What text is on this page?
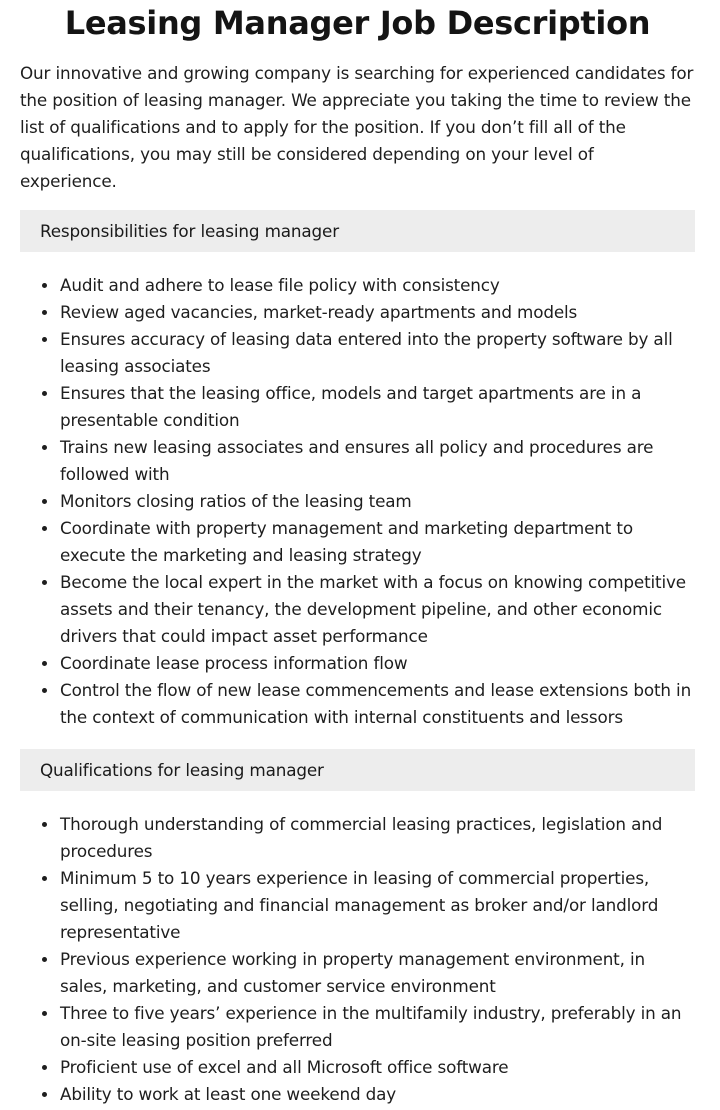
Leasing Manager Job Description

Our innovative and growing company is searching for experienced candidates for the position of leasing manager. We appreciate you taking the time to review the list of qualifications and to apply for the position. If you don’t fill all of the qualifications, you may still be considered depending on your level of experience.

Responsibilities for leasing manager
Audit and adhere to lease file policy with consistency
Review aged vacancies, market-ready apartments and models
Ensures accuracy of leasing data entered into the property software by all leasing associates
Ensures that the leasing office, models and target apartments are in a presentable condition
Trains new leasing associates and ensures all policy and procedures are followed with
Monitors closing ratios of the leasing team
Coordinate with property management and marketing department to execute the marketing and leasing strategy
Become the local expert in the market with a focus on knowing competitive assets and their tenancy, the development pipeline, and other economic drivers that could impact asset performance
Coordinate lease process information flow
Control the flow of new lease commencements and lease extensions both in the context of communication with internal constituents and lessors
Qualifications for leasing manager
Thorough understanding of commercial leasing practices, legislation and procedures
Minimum 5 to 10 years experience in leasing of commercial properties, selling, negotiating and financial management as broker and/or landlord representative
Previous experience working in property management environment, in sales, marketing, and customer service environment
Three to five years’ experience in the multifamily industry, preferably in an on-site leasing position preferred
Proficient use of excel and all Microsoft office software
Ability to work at least one weekend day
